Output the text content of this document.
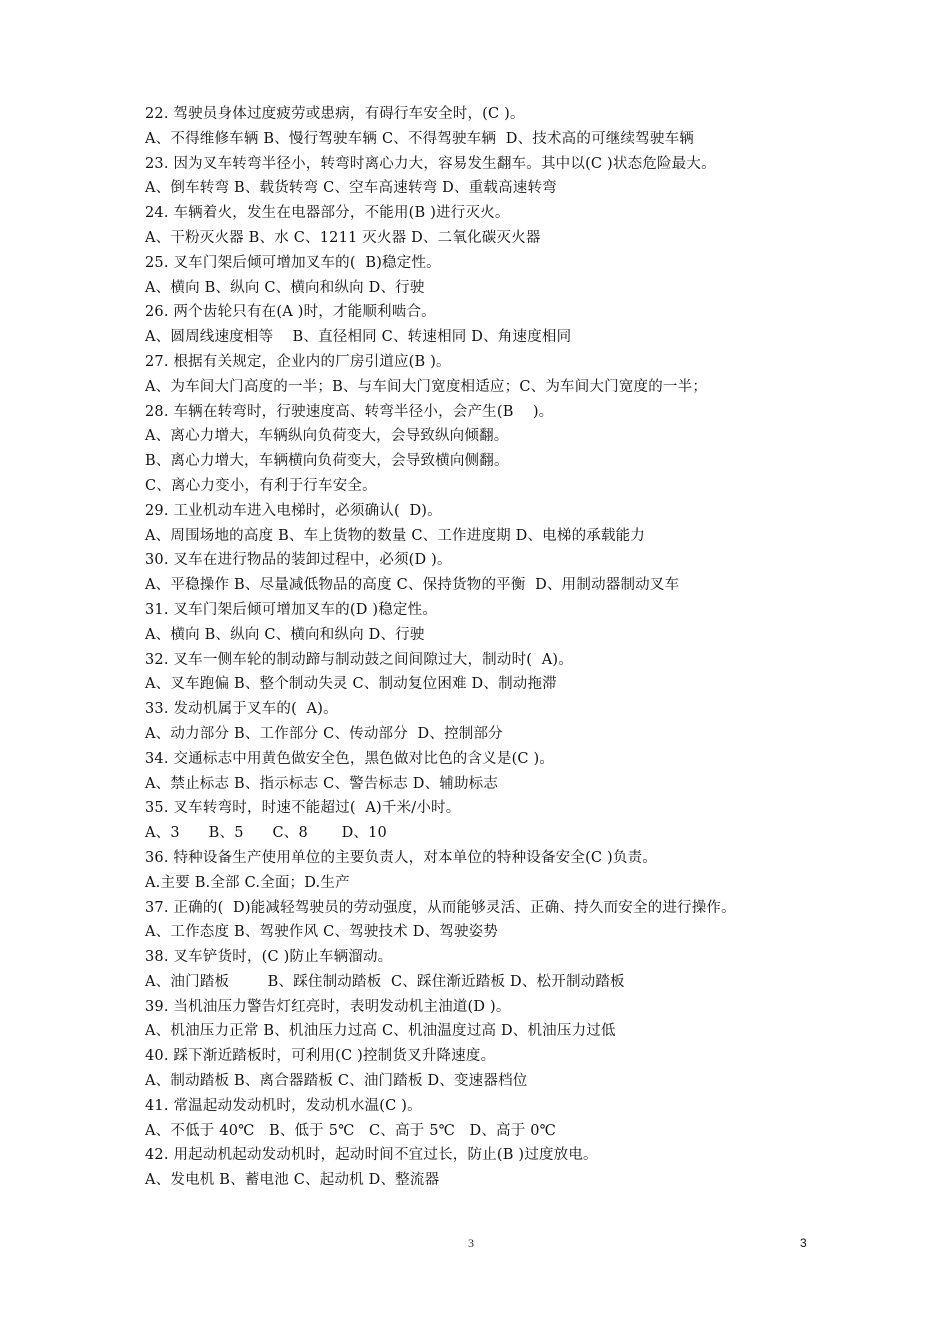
22. 驾驶员身体过度疲劳或患病，有碍行车安全时，(C )。
A、不得维修车辆 B、慢行驾驶车辆 C、不得驾驶车辆  D、技术高的可继续驾驶车辆
23. 因为叉车转弯半径小，转弯时离心力大，容易发生翻车。其中以(C )状态危险最大。
A、倒车转弯 B、载货转弯 C、空车高速转弯 D、重载高速转弯
24. 车辆着火，发生在电器部分，不能用(B )进行灭火。
A、干粉灭火器 B、水 C、1211 灭火器 D、二氧化碳灭火器
25. 叉车门架后倾可增加叉车的(  B)稳定性。
A、横向 B、纵向 C、横向和纵向 D、行驶
26. 两个齿轮只有在(A )时，才能顺利啮合。
A、圆周线速度相等    B、直径相同 C、转速相同 D、角速度相同
27. 根据有关规定，企业内的厂房引道应(B )。
A、为车间大门高度的一半；B、与车间大门宽度相适应；C、为车间大门宽度的一半；
28. 车辆在转弯时，行驶速度高、转弯半径小，会产生(B    )。
A、离心力增大，车辆纵向负荷变大，会导致纵向倾翻。
B、离心力增大，车辆横向负荷变大，会导致横向侧翻。
C、离心力变小，有利于行车安全。
29. 工业机动车进入电梯时，必须确认(  D)。
A、周围场地的高度 B、车上货物的数量 C、工作进度期 D、电梯的承载能力
30. 叉车在进行物品的装卸过程中，必须(D )。
A、平稳操作 B、尽量减低物品的高度 C、保持货物的平衡  D、用制动器制动叉车
31. 叉车门架后倾可增加叉车的(D )稳定性。
A、横向 B、纵向 C、横向和纵向 D、行驶
32. 叉车一侧车轮的制动蹄与制动鼓之间间隙过大，制动时(  A)。
A、叉车跑偏 B、整个制动失灵 C、制动复位困难 D、制动拖滞
33. 发动机属于叉车的(  A)。
A、动力部分 B、工作部分 C、传动部分  D、控制部分
34. 交通标志中用黄色做安全色，黑色做对比色的含义是(C )。
A、禁止标志 B、指示标志 C、警告标志 D、辅助标志
35. 叉车转弯时，时速不能超过(  A)千米/小时。
A、3      B、5      C、8       D、10
36. 特种设备生产使用单位的主要负责人，对本单位的特种设备安全(C )负责。
A.主要 B.全部 C.全面；D.生产
37. 正确的(  D)能减轻驾驶员的劳动强度，从而能够灵活、正确、持久而安全的进行操作。
A、工作态度 B、驾驶作风 C、驾驶技术 D、驾驶姿势
38. 叉车铲货时，(C )防止车辆溜动。
A、油门踏板        B、踩住制动踏板  C、踩住渐近踏板 D、松开制动踏板
39. 当机油压力警告灯红亮时，表明发动机主油道(D )。
A、机油压力正常 B、机油压力过高 C、机油温度过高 D、机油压力过低
40. 踩下渐近踏板时，可利用(C )控制货叉升降速度。
A、制动踏板 B、离合器踏板 C、油门踏板 D、变速器档位
41. 常温起动发动机时，发动机水温(C )。
A、不低于 40℃   B、低于 5℃   C、高于 5℃   D、高于 0℃
42. 用起动机起动发动机时，起动时间不宜过长，防止(B )过度放电。
A、发电机 B、蓄电池 C、起动机 D、整流器
3	3
